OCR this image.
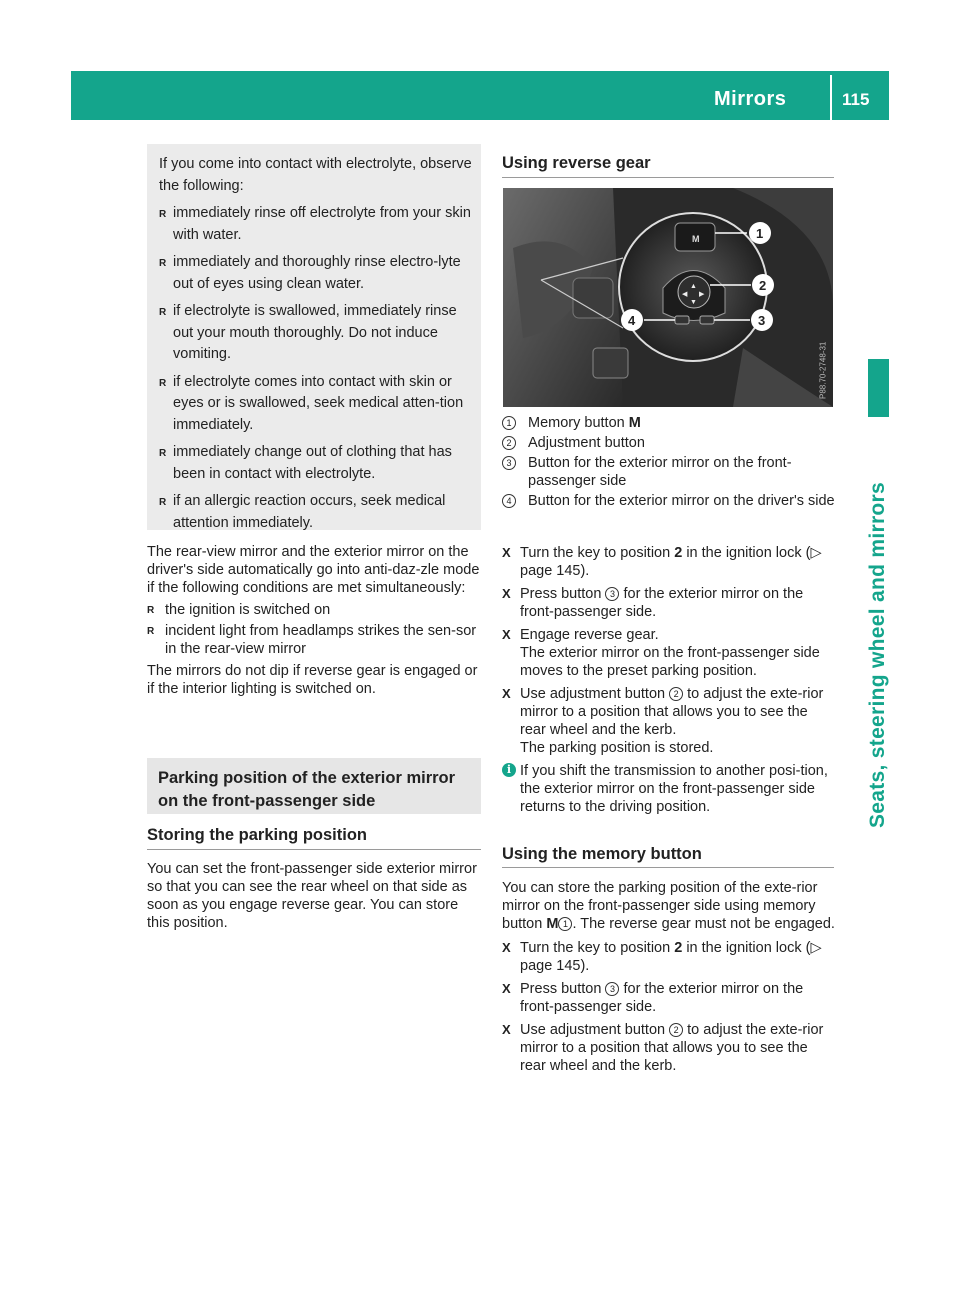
Mirrors	115
Seats, steering wheel and mirrors
If you come into contact with electrolyte, observe the following:
R immediately rinse off electrolyte from your skin with water.
R immediately and thoroughly rinse electro-lyte out of eyes using clean water.
R if electrolyte is swallowed, immediately rinse out your mouth thoroughly. Do not induce vomiting.
R if electrolyte comes into contact with skin or eyes or is swallowed, seek medical atten-tion immediately.
R immediately change out of clothing that has been in contact with electrolyte.
R if an allergic reaction occurs, seek medical attention immediately.
The rear-view mirror and the exterior mirror on the driver's side automatically go into anti-daz-zle mode if the following conditions are met simultaneously:
R the ignition is switched on
R incident light from headlamps strikes the sen-sor in the rear-view mirror
The mirrors do not dip if reverse gear is engaged or if the interior lighting is switched on.
Parking position of the exterior mirror on the front-passenger side
Storing the parking position
You can set the front-passenger side exterior mirror so that you can see the rear wheel on that side as soon as you engage reverse gear. You can store this position.
Using reverse gear
M
▲
▼
◀ ▶
1
2
3
4
P88.70-2748-31
1	Memory button M
2	Adjustment button
3	Button for the exterior mirror on the front-passenger side
4	Button for the exterior mirror on the driver's side
X Turn the key to position 2 in the ignition lock (▷ page 145).
X Press button 3 for the exterior mirror on the front-passenger side.
X Engage reverse gear.
The exterior mirror on the front-passenger side moves to the preset parking position.
X Use adjustment button 2 to adjust the exte-rior mirror to a position that allows you to see the rear wheel and the kerb.
The parking position is stored.
i If you shift the transmission to another posi-tion, the exterior mirror on the front-passenger side returns to the driving position.
Using the memory button
You can store the parking position of the exte-rior mirror on the front-passenger side using memory button M 1 . The reverse gear must not be engaged.
X Turn the key to position 2 in the ignition lock (▷ page 145).
X Press button 3 for the exterior mirror on the front-passenger side.
X Use adjustment button 2 to adjust the exte-rior mirror to a position that allows you to see the rear wheel and the kerb.
